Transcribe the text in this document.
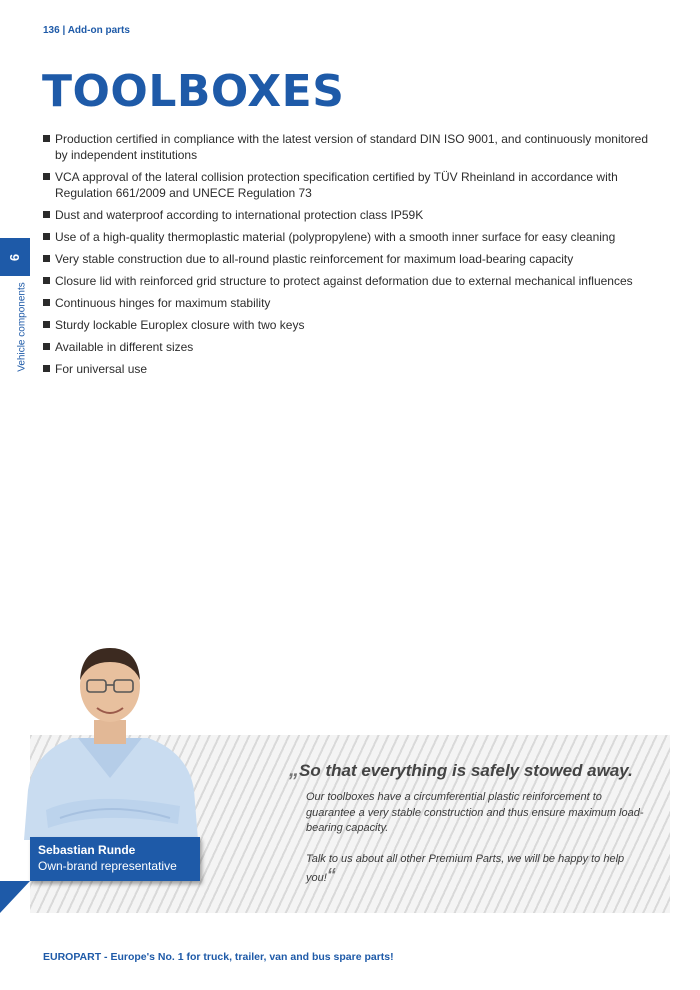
136 | Add-on parts
TOOLBOXES
6
Vehicle components
Production certified in compliance with the latest version of standard DIN ISO 9001, and continuously monitored by independent institutions
VCA approval of the lateral collision protection specification certified by TÜV Rheinland in accordance with Regulation 661/2009 and UNECE Regulation 73
Dust and waterproof according to international protection class IP59K
Use of a high-quality thermoplastic material (polypropylene) with a smooth inner surface for easy cleaning
Very stable construction due to all-round plastic reinforcement for maximum load-bearing capacity
Closure lid with reinforced grid structure to protect against deformation due to external mechanical influences
Continuous hinges for maximum stability
Sturdy lockable Europlex closure with two keys
Available in different sizes
For universal use
Sebastian Runde
Own-brand representative
„So that everything is safely stowed away.

Our toolboxes have a circumferential plastic reinforcement to guarantee a very stable construction and thus ensure maximum load-bearing capacity.

Talk to us about all other Premium Parts, we will be happy to help you!“

EUROPART - Europe's No. 1 for truck, trailer, van and bus spare parts!
